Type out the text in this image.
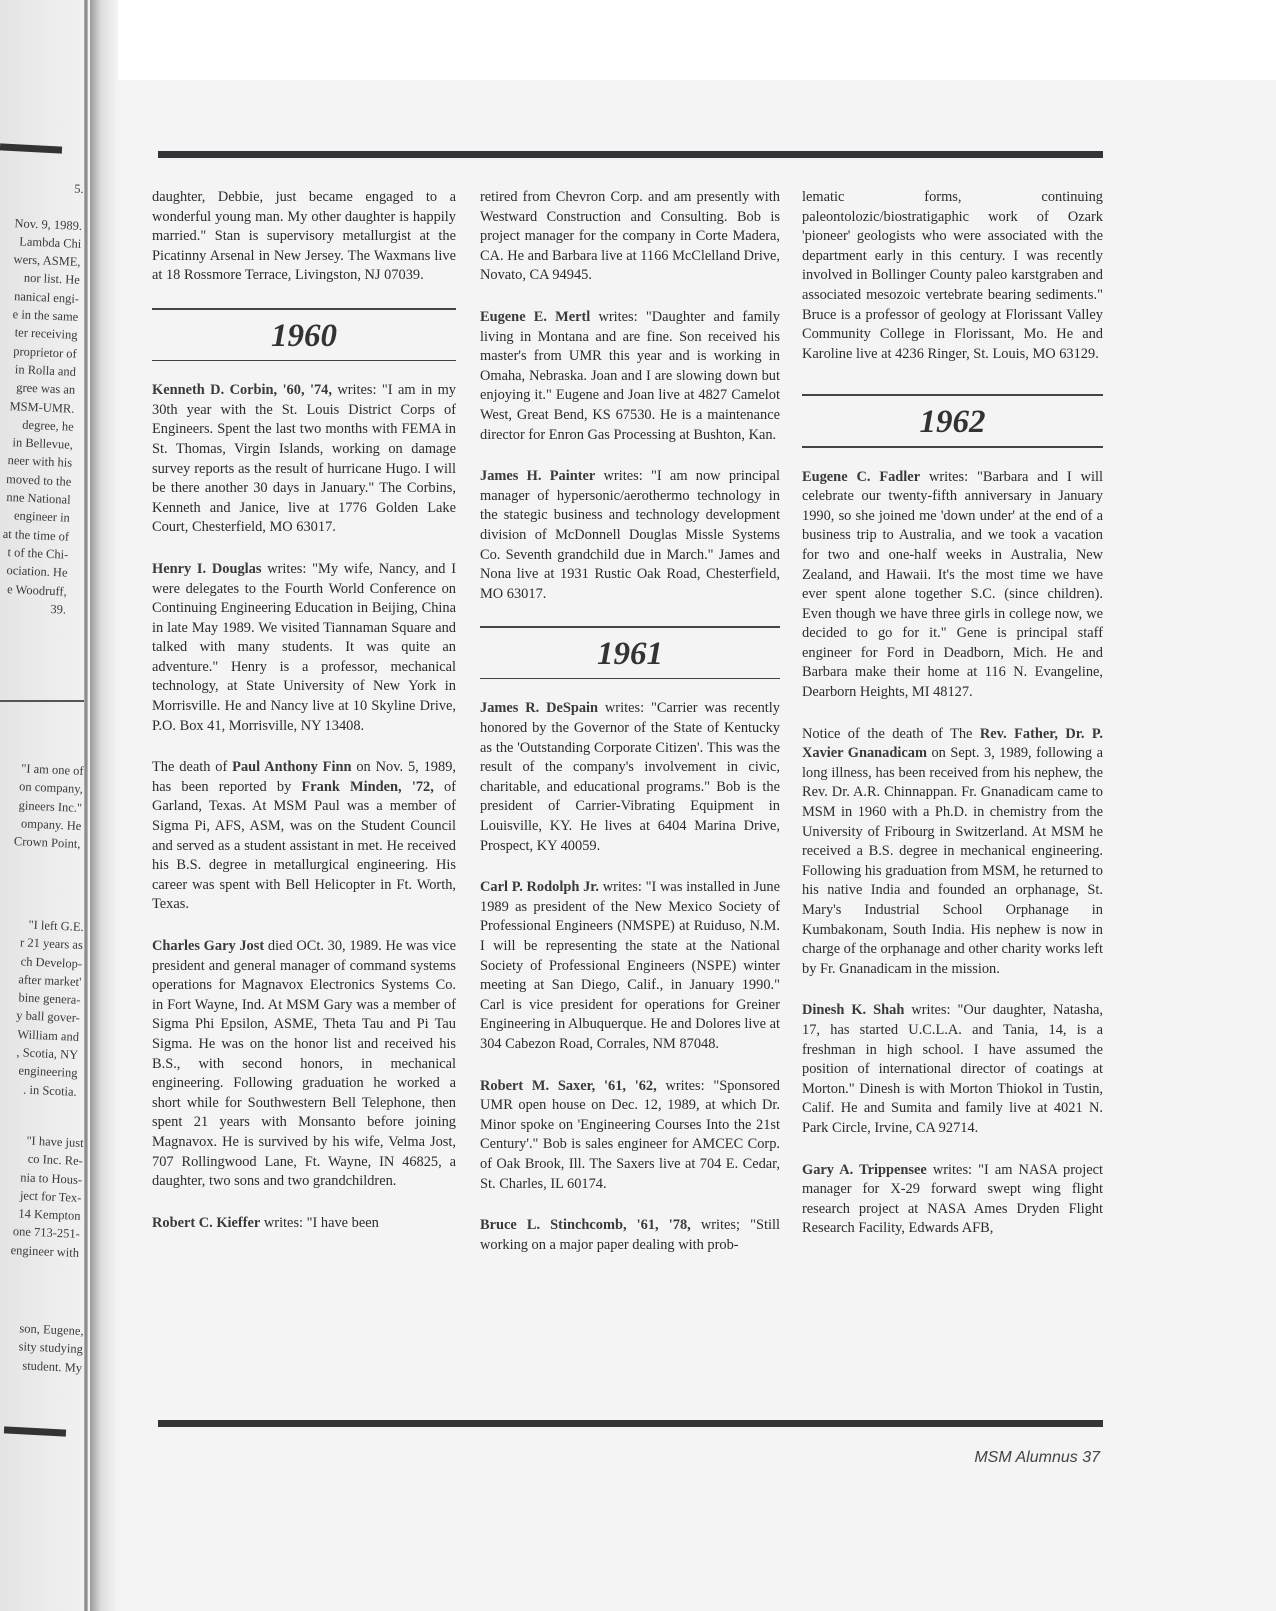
5.

Nov. 9, 1989.
Lambda Chi
wers, ASME,
nor list. He
nanical engi-
e in the same
ter receiving
proprietor of
in Rolla and
gree was an
MSM-UMR.
degree, he
in Bellevue,
neer with his
moved to the
nne National
engineer in
at the time of
t of the Chi-
ociation. He
e Woodruff,
39.
"I am one of
on company,
gineers Inc."
ompany. He
Crown Point,
"I left G.E.
r 21 years as
ch Develop-
after market'
bine genera-
y ball gover-
William and
, Scotia, NY
engineering
. in Scotia.
"I have just
co Inc. Re-
nia to Hous-
ject for Tex-
14 Kempton
one 713-251-
engineer with
son, Eugene,
sity studying
student. My

daughter, Debbie, just became engaged to a wonderful young man. My other daughter is happily married." Stan is supervisory metallurgist at the Picatinny Arsenal in New Jersey. The Waxmans live at 18 Rossmore Terrace, Livingston, NJ 07039.

1960

Kenneth D. Corbin, '60, '74, writes: "I am in my 30th year with the St. Louis District Corps of Engineers. Spent the last two months with FEMA in St. Thomas, Virgin Islands, working on damage survey reports as the result of hurricane Hugo. I will be there another 30 days in January." The Corbins, Kenneth and Janice, live at 1776 Golden Lake Court, Chesterfield, MO 63017.

Henry I. Douglas writes: "My wife, Nancy, and I were delegates to the Fourth World Conference on Continuing Engineering Education in Beijing, China in late May 1989. We visited Tiannaman Square and talked with many students. It was quite an adventure." Henry is a professor, mechanical technology, at State University of New York in Morrisville. He and Nancy live at 10 Skyline Drive, P.O. Box 41, Morrisville, NY 13408.

The death of Paul Anthony Finn on Nov. 5, 1989, has been reported by Frank Minden, '72, of Garland, Texas. At MSM Paul was a member of Sigma Pi, AFS, ASM, was on the Student Council and served as a student assistant in met. He received his B.S. degree in metallurgical engineering. His career was spent with Bell Helicopter in Ft. Worth, Texas.

Charles Gary Jost died OCt. 30, 1989. He was vice president and general manager of command systems operations for Magnavox Electronics Systems Co. in Fort Wayne, Ind. At MSM Gary was a member of Sigma Phi Epsilon, ASME, Theta Tau and Pi Tau Sigma. He was on the honor list and received his B.S., with second honors, in mechanical engineering. Following graduation he worked a short while for Southwestern Bell Telephone, then spent 21 years with Monsanto before joining Magnavox. He is survived by his wife, Velma Jost, 707 Rollingwood Lane, Ft. Wayne, IN 46825, a daughter, two sons and two grandchildren.

Robert C. Kieffer writes: "I have been

retired from Chevron Corp. and am presently with Westward Construction and Consulting. Bob is project manager for the company in Corte Madera, CA. He and Barbara live at 1166 McClelland Drive, Novato, CA 94945.

Eugene E. Mertl writes: "Daughter and family living in Montana and are fine. Son received his master's from UMR this year and is working in Omaha, Nebraska. Joan and I are slowing down but enjoying it." Eugene and Joan live at 4827 Camelot West, Great Bend, KS 67530. He is a maintenance director for Enron Gas Processing at Bushton, Kan.

James H. Painter writes: "I am now principal manager of hypersonic/aerothermo technology in the stategic business and technology development division of McDonnell Douglas Missle Systems Co. Seventh grandchild due in March." James and Nona live at 1931 Rustic Oak Road, Chesterfield, MO 63017.

1961

James R. DeSpain writes: "Carrier was recently honored by the Governor of the State of Kentucky as the 'Outstanding Corporate Citizen'. This was the result of the company's involvement in civic, charitable, and educational programs." Bob is the president of Carrier-Vibrating Equipment in Louisville, KY. He lives at 6404 Marina Drive, Prospect, KY 40059.

Carl P. Rodolph Jr. writes: "I was installed in June 1989 as president of the New Mexico Society of Professional Engineers (NMSPE) at Ruiduso, N.M. I will be representing the state at the National Society of Professional Engineers (NSPE) winter meeting at San Diego, Calif., in January 1990." Carl is vice president for operations for Greiner Engineering in Albuquerque. He and Dolores live at 304 Cabezon Road, Corrales, NM 87048.

Robert M. Saxer, '61, '62, writes: "Sponsored UMR open house on Dec. 12, 1989, at which Dr. Minor spoke on 'Engineering Courses Into the 21st Century'." Bob is sales engineer for AMCEC Corp. of Oak Brook, Ill. The Saxers live at 704 E. Cedar, St. Charles, IL 60174.

Bruce L. Stinchcomb, '61, '78, writes; "Still working on a major paper dealing with prob-

lematic forms, continuing paleontolozic/biostratigaphic work of Ozark 'pioneer' geologists who were associated with the department early in this century. I was recently involved in Bollinger County paleo karstgraben and associated mesozoic vertebrate bearing sediments." Bruce is a professor of geology at Florissant Valley Community College in Florissant, Mo. He and Karoline live at 4236 Ringer, St. Louis, MO 63129.

1962

Eugene C. Fadler writes: "Barbara and I will celebrate our twenty-fifth anniversary in January 1990, so she joined me 'down under' at the end of a business trip to Australia, and we took a vacation for two and one-half weeks in Australia, New Zealand, and Hawaii. It's the most time we have ever spent alone together S.C. (since children). Even though we have three girls in college now, we decided to go for it." Gene is principal staff engineer for Ford in Deadborn, Mich. He and Barbara make their home at 116 N. Evangeline, Dearborn Heights, MI 48127.

Notice of the death of The Rev. Father, Dr. P. Xavier Gnanadicam on Sept. 3, 1989, following a long illness, has been received from his nephew, the Rev. Dr. A.R. Chinnappan. Fr. Gnanadicam came to MSM in 1960 with a Ph.D. in chemistry from the University of Fribourg in Switzerland. At MSM he received a B.S. degree in mechanical engineering. Following his graduation from MSM, he returned to his native India and founded an orphanage, St. Mary's Industrial School Orphanage in Kumbakonam, South India. His nephew is now in charge of the orphanage and other charity works left by Fr. Gnanadicam in the mission.

Dinesh K. Shah writes: "Our daughter, Natasha, 17, has started U.C.L.A. and Tania, 14, is a freshman in high school. I have assumed the position of international director of coatings at Morton." Dinesh is with Morton Thiokol in Tustin, Calif. He and Sumita and family live at 4021 N. Park Circle, Irvine, CA 92714.

Gary A. Trippensee writes: "I am NASA project manager for X-29 forward swept wing flight research project at NASA Ames Dryden Flight Research Facility, Edwards AFB,

MSM Alumnus 37
